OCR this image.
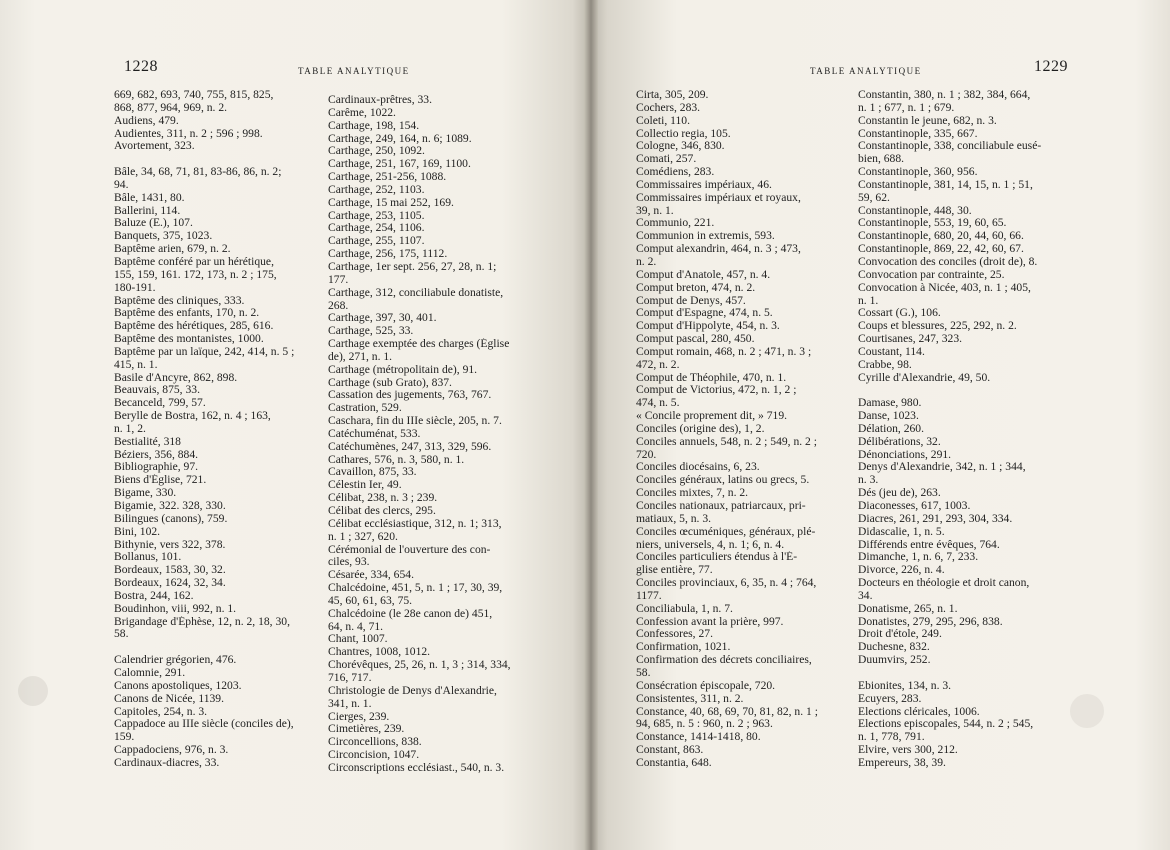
1228	TABLE ANALYTIQUE
669, 682, 693, 740, 755, 815, 825,
868, 877, 964, 969, n. 2.
Audiens, 479.
Audientes, 311, n. 2 ; 596 ; 998.
Avortement, 323.
Bâle, 34, 68, 71, 81, 83-86, 86, n. 2;
94.
Bâle, 1431, 80.
Ballerini, 114.
Baluze (E.), 107.
Banquets, 375, 1023.
Baptême arien, 679, n. 2.
Baptême conféré par un hérétique,
155, 159, 161. 172, 173, n. 2 ; 175,
180-191.
Baptême des cliniques, 333.
Baptême des enfants, 170, n. 2.
Baptême des hérétiques, 285, 616.
Baptême des montanistes, 1000.
Baptême par un laïque, 242, 414, n. 5 ;
415, n. 1.
Basile d'Ancyre, 862, 898.
Beauvais, 875, 33.
Becanceld, 799, 57.
Berylle de Bostra, 162, n. 4 ; 163,
n. 1, 2.
Bestialité, 318
Béziers, 356, 884.
Bibliographie, 97.
Biens d'Église, 721.
Bigame, 330.
Bigamie, 322. 328, 330.
Bilingues (canons), 759.
Bini, 102.
Bithynie, vers 322, 378.
Bollanus, 101.
Bordeaux, 1583, 30, 32.
Bordeaux, 1624, 32, 34.
Bostra, 244, 162.
Boudinhon, viii, 992, n. 1.
Brigandage d'Éphèse, 12, n. 2, 18, 30,
58.
Calendrier grégorien, 476.
Calomnie, 291.
Canons apostoliques, 1203.
Canons de Nicée, 1139.
Capitoles, 254, n. 3.
Cappadoce au IIIe siècle (conciles de),
159.
Cappadociens, 976, n. 3.
Cardinaux-diacres, 33.
Cardinaux-prêtres, 33.
Carême, 1022.
Carthage, 198, 154.
Carthage, 249, 164, n. 6; 1089.
Carthage, 250, 1092.
Carthage, 251, 167, 169, 1100.
Carthage, 251-256, 1088.
Carthage, 252, 1103.
Carthage, 15 mai 252, 169.
Carthage, 253, 1105.
Carthage, 254, 1106.
Carthage, 255, 1107.
Carthage, 256, 175, 1112.
Carthage, 1er sept. 256, 27, 28, n. 1;
177.
Carthage, 312, conciliabule donatiste,
268.
Carthage, 397, 30, 401.
Carthage, 525, 33.
Carthage exemptée des charges (Église
de), 271, n. 1.
Carthage (métropolitain de), 91.
Carthage (sub Grato), 837.
Cassation des jugements, 763, 767.
Castration, 529.
Caschara, fin du IIIe siècle, 205, n. 7.
Catéchuménat, 533.
Catéchumènes, 247, 313, 329, 596.
Cathares, 576, n. 3, 580, n. 1.
Cavaillon, 875, 33.
Célestin Ier, 49.
Célibat, 238, n. 3 ; 239.
Célibat des clercs, 295.
Célibat ecclésiastique, 312, n. 1; 313,
n. 1 ; 327, 620.
Cérémonial de l'ouverture des con-
ciles, 93.
Césarée, 334, 654.
Chalcédoine, 451, 5, n. 1 ; 17, 30, 39,
45, 60, 61, 63, 75.
Chalcédoine (le 28e canon de) 451,
64, n. 4, 71.
Chant, 1007.
Chantres, 1008, 1012.
Chorévêques, 25, 26, n. 1, 3 ; 314, 334,
716, 717.
Christologie de Denys d'Alexandrie,
341, n. 1.
Cierges, 239.
Cimetières, 239.
Circoncellions, 838.
Circoncision, 1047.
Circonscriptions ecclésiast., 540, n. 3.
1229
TABLE ANALYTIQUE
Cirta, 305, 209.
Cochers, 283.
Coleti, 110.
Collectio regia, 105.
Cologne, 346, 830.
Comati, 257.
Comédiens, 283.
Commissaires impériaux, 46.
Commissaires impériaux et royaux,
39, n. 1.
Communio, 221.
Communion in extremis, 593.
Comput alexandrin, 464, n. 3 ; 473,
n. 2.
Comput d'Anatole, 457, n. 4.
Comput breton, 474, n. 2.
Comput de Denys, 457.
Comput d'Espagne, 474, n. 5.
Comput d'Hippolyte, 454, n. 3.
Comput pascal, 280, 450.
Comput romain, 468, n. 2 ; 471, n. 3 ;
472, n. 2.
Comput de Théophile, 470, n. 1.
Comput de Victorius, 472, n. 1, 2 ;
474, n. 5.
« Concile proprement dit, » 719.
Conciles (origine des), 1, 2.
Conciles annuels, 548, n. 2 ; 549, n. 2 ;
720.
Conciles diocésains, 6, 23.
Conciles généraux, latins ou grecs, 5.
Conciles mixtes, 7, n. 2.
Conciles nationaux, patriarcaux, pri-
matiaux, 5, n. 3.
Conciles œcuméniques, généraux, plé-
niers, universels, 4, n. 1; 6, n. 4.
Conciles particuliers étendus à l'É-
glise entière, 77.
Conciles provinciaux, 6, 35, n. 4 ; 764,
1177.
Conciliabula, 1, n. 7.
Confession avant la prière, 997.
Confessores, 27.
Confirmation, 1021.
Confirmation des décrets conciliaires,
58.
Consécration épiscopale, 720.
Consistentes, 311, n. 2.
Constance, 40, 68, 69, 70, 81, 82, n. 1 ;
94, 685, n. 5 : 960, n. 2 ; 963.
Constance, 1414-1418, 80.
Constant, 863.
Constantia, 648.
Constantin, 380, n. 1 ; 382, 384, 664,
n. 1 ; 677, n. 1 ; 679.
Constantin le jeune, 682, n. 3.
Constantinople, 335, 667.
Constantinople, 338, conciliabule eusé-
bien, 688.
Constantinople, 360, 956.
Constantinople, 381, 14, 15, n. 1 ; 51,
59, 62.
Constantinople, 448, 30.
Constantinople, 553, 19, 60, 65.
Constantinople, 680, 20, 44, 60, 66.
Constantinople, 869, 22, 42, 60, 67.
Convocation des conciles (droit de), 8.
Convocation par contrainte, 25.
Convocation à Nicée, 403, n. 1 ; 405,
n. 1.
Cossart (G.), 106.
Coups et blessures, 225, 292, n. 2.
Courtisanes, 247, 323.
Coustant, 114.
Crabbe, 98.
Cyrille d'Alexandrie, 49, 50.
Damase, 980.
Danse, 1023.
Délation, 260.
Délibérations, 32.
Dénonciations, 291.
Denys d'Alexandrie, 342, n. 1 ; 344,
n. 3.
Dés (jeu de), 263.
Diaconesses, 617, 1003.
Diacres, 261, 291, 293, 304, 334.
Didascalie, 1, n. 5.
Différends entre évêques, 764.
Dimanche, 1, n. 6, 7, 233.
Divorce, 226, n. 4.
Docteurs en théologie et droit canon,
34.
Donatisme, 265, n. 1.
Donatistes, 279, 295, 296, 838.
Droit d'étole, 249.
Duchesne, 832.
Duumvirs, 252.
Ebionites, 134, n. 3.
Ecuyers, 283.
Elections cléricales, 1006.
Elections episcopales, 544, n. 2 ; 545,
n. 1, 778, 791.
Elvire, vers 300, 212.
Empereurs, 38, 39.
